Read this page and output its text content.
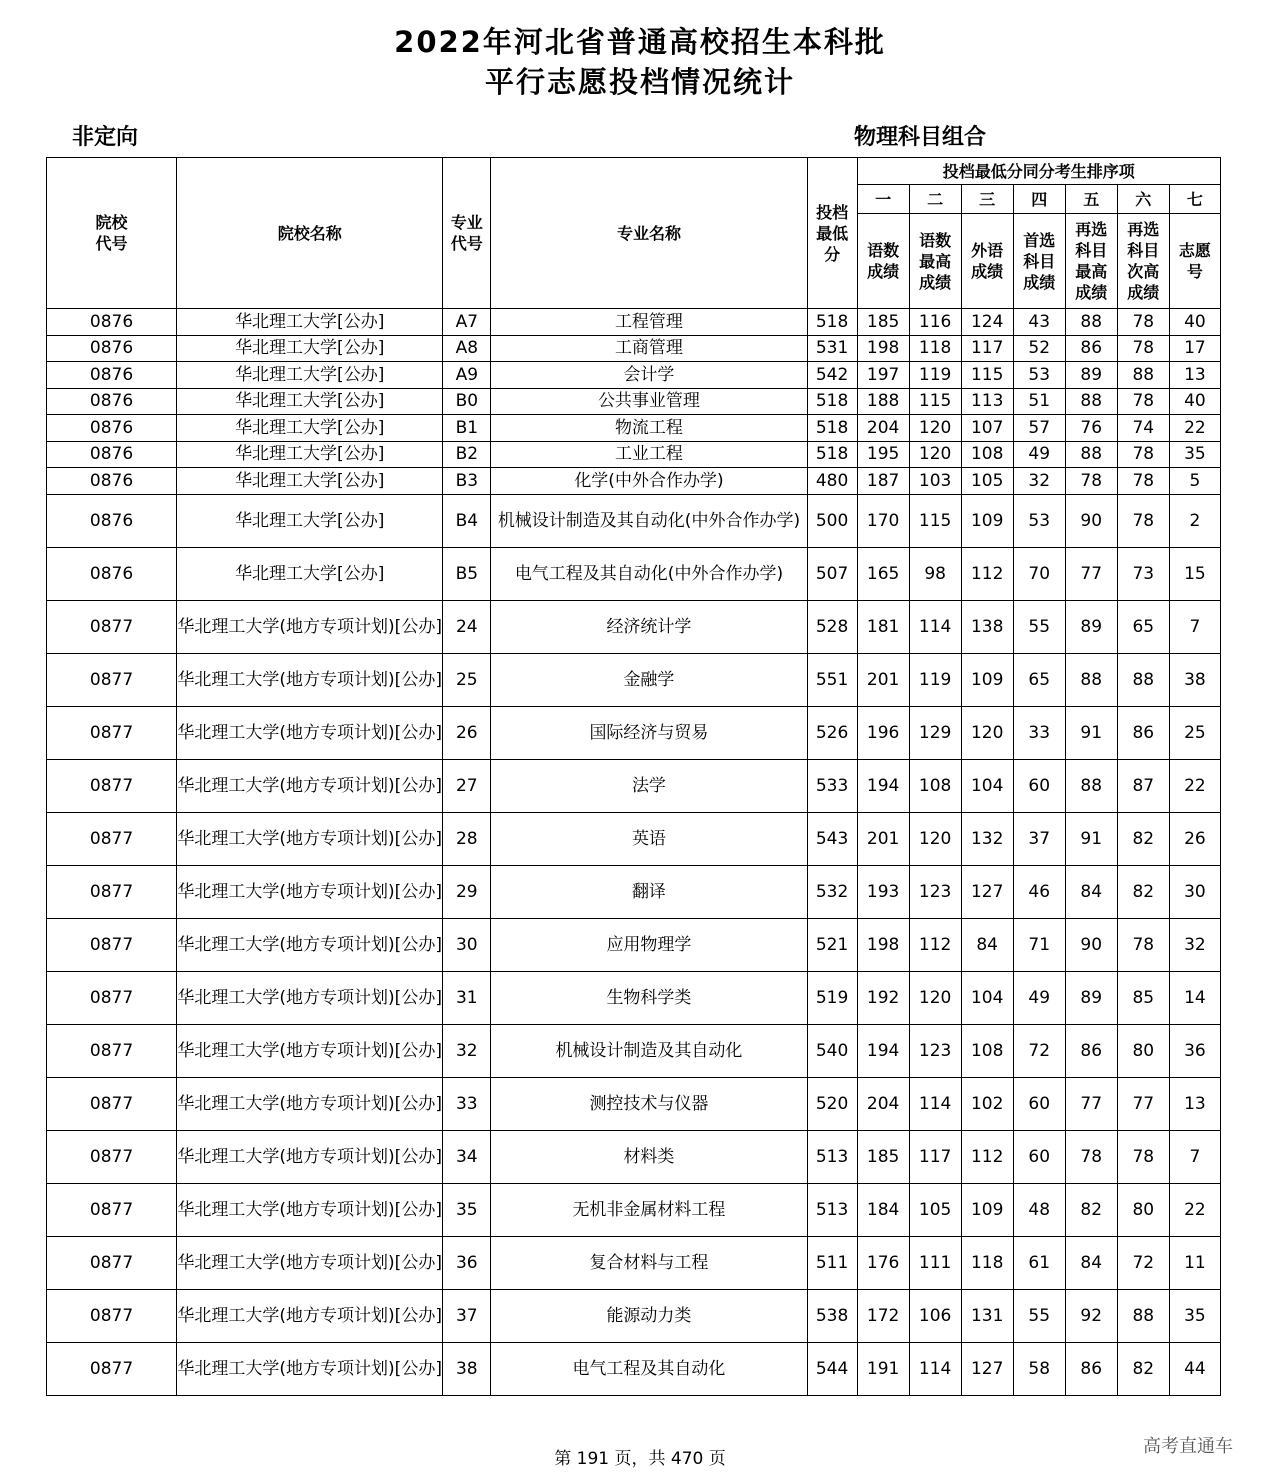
2022年河北省普通高校招生本科批
平行志愿投档情况统计
非定向	物理科目组合
院校代号	院校名称	专业代号	专业名称	投档最低分	投档最低分同分考生排序项						
					一	二	三	四	五	六	七

					语数成绩	语数最高成绩	外语成绩	首选科目成绩	再选科目最高成绩	再选科目次高成绩	志愿号

0876	华北理工大学[公办]	A7	工程管理	518	185	116	124	43	88	78	40
0876	华北理工大学[公办]	A8	工商管理	531	198	118	117	52	86	78	17
0876	华北理工大学[公办]	A9	会计学	542	197	119	115	53	89	88	13
0876	华北理工大学[公办]	B0	公共事业管理	518	188	115	113	51	88	78	40
0876	华北理工大学[公办]	B1	物流工程	518	204	120	107	57	76	74	22
0876	华北理工大学[公办]	B2	工业工程	518	195	120	108	49	88	78	35
0876	华北理工大学[公办]	B3	化学(中外合作办学)	480	187	103	105	32	78	78	5
0876	华北理工大学[公办]	B4	机械设计制造及其自动化(中外合作办学)	500	170	115	109	53	90	78	2
0876	华北理工大学[公办]	B5	电气工程及其自动化(中外合作办学)	507	165	98	112	70	77	73	15
0877	华北理工大学(地方专项计划)[公办]	24	经济统计学	528	181	114	138	55	89	65	7
0877	华北理工大学(地方专项计划)[公办]	25	金融学	551	201	119	109	65	88	88	38
0877	华北理工大学(地方专项计划)[公办]	26	国际经济与贸易	526	196	129	120	33	91	86	25
0877	华北理工大学(地方专项计划)[公办]	27	法学	533	194	108	104	60	88	87	22
0877	华北理工大学(地方专项计划)[公办]	28	英语	543	201	120	132	37	91	82	26
0877	华北理工大学(地方专项计划)[公办]	29	翻译	532	193	123	127	46	84	82	30
0877	华北理工大学(地方专项计划)[公办]	30	应用物理学	521	198	112	84	71	90	78	32
0877	华北理工大学(地方专项计划)[公办]	31	生物科学类	519	192	120	104	49	89	85	14
0877	华北理工大学(地方专项计划)[公办]	32	机械设计制造及其自动化	540	194	123	108	72	86	80	36
0877	华北理工大学(地方专项计划)[公办]	33	测控技术与仪器	520	204	114	102	60	77	77	13
0877	华北理工大学(地方专项计划)[公办]	34	材料类	513	185	117	112	60	78	78	7
0877	华北理工大学(地方专项计划)[公办]	35	无机非金属材料工程	513	184	105	109	48	82	80	22
0877	华北理工大学(地方专项计划)[公办]	36	复合材料与工程	511	176	111	118	61	84	72	11
0877	华北理工大学(地方专项计划)[公办]	37	能源动力类	538	172	106	131	55	92	88	35
0877	华北理工大学(地方专项计划)[公办]	38	电气工程及其自动化	544	191	114	127	58	86	82	44
第 191 页，共 470 页
高考直通车
